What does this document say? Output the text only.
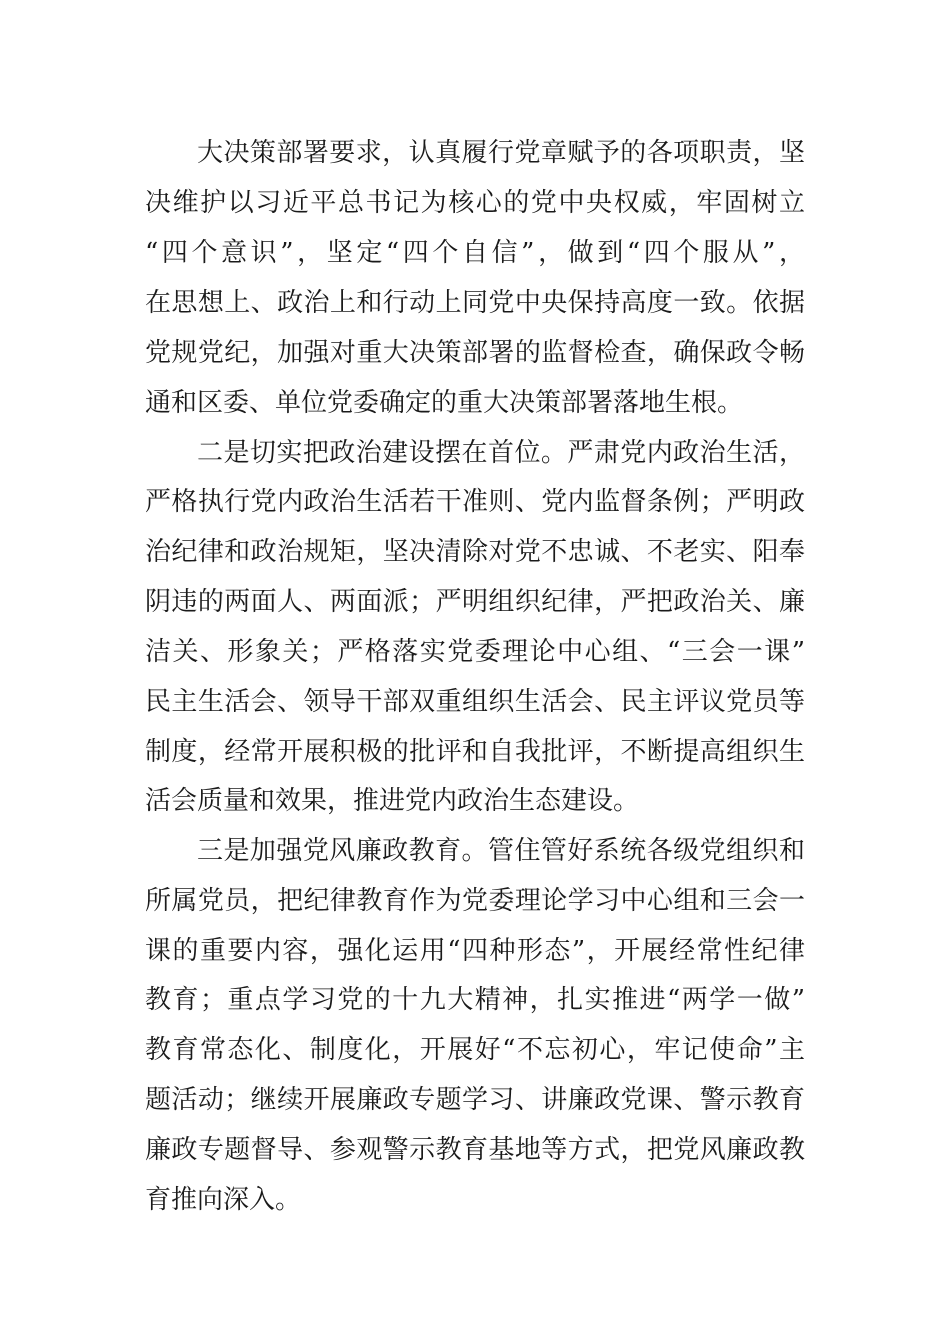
大决策部署要求，认真履行党章赋予的各项职责，坚

决维护以习近平总书记为核心的党中央权威，牢固树立

“四个意识”，坚定“四个自信”，做到“四个服从”，

在思想上、政治上和行动上同党中央保持高度一致。依据

党规党纪，加强对重大决策部署的监督检查，确保政令畅

通和区委、单位党委确定的重大决策部署落地生根。

二是切实把政治建设摆在首位。严肃党内政治生活，

严格执行党内政治生活若干准则、党内监督条例；严明政

治纪律和政治规矩，坚决清除对党不忠诚、不老实、阳奉

阴违的两面人、两面派；严明组织纪律，严把政治关、廉

洁关、形象关；严格落实党委理论中心组、“三会一课”

民主生活会、领导干部双重组织生活会、民主评议党员等

制度，经常开展积极的批评和自我批评，不断提高组织生

活会质量和效果，推进党内政治生态建设。

三是加强党风廉政教育。管住管好系统各级党组织和

所属党员，把纪律教育作为党委理论学习中心组和三会一

课的重要内容，强化运用“四种形态”，开展经常性纪律

教育；重点学习党的十九大精神，扎实推进“两学一做”

教育常态化、制度化，开展好“不忘初心，牢记使命”主

题活动；继续开展廉政专题学习、讲廉政党课、警示教育

廉政专题督导、参观警示教育基地等方式，把党风廉政教

育推向深入。
